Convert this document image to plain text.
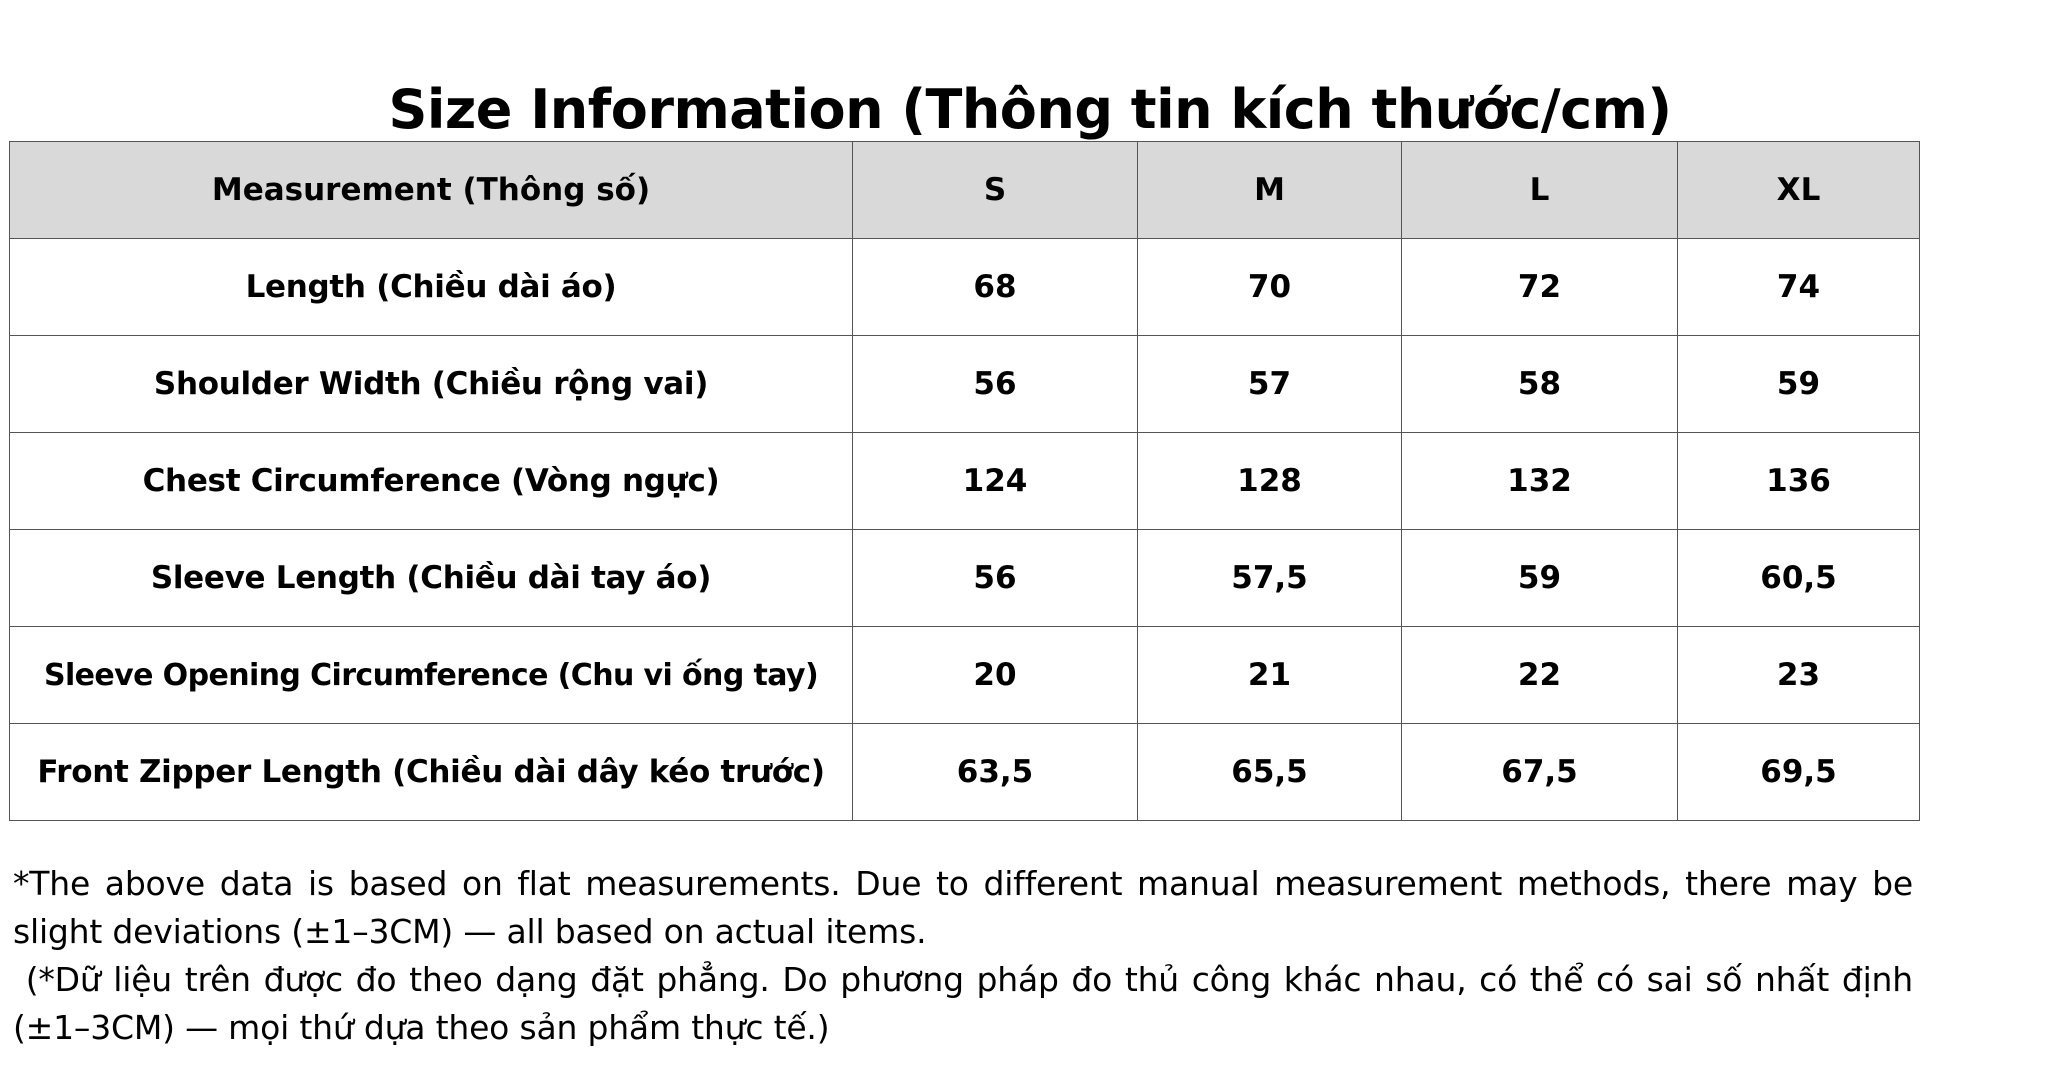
Size Information (Thông tin kích thước/cm)
Measurement (Thông số)	S	M	L	XL
Length (Chiều dài áo)	68	70	72	74
Shoulder Width (Chiều rộng vai)	56	57	58	59
Chest Circumference (Vòng ngực)	124	128	132	136
Sleeve Length (Chiều dài tay áo)	56	57,5	59	60,5
Sleeve Opening Circumference (Chu vi ống tay)	20	21	22	23
Front Zipper Length (Chiều dài dây kéo trước)	63,5	65,5	67,5	69,5

*The above data is based on flat measurements. Due to different manual measurement methods, there may be slight deviations (±1–3CM) — all based on actual items.

(*Dữ liệu trên được đo theo dạng đặt phẳng. Do phương pháp đo thủ công khác nhau, có thể có sai số nhất định (±1–3CM) — mọi thứ dựa theo sản phẩm thực tế.)
